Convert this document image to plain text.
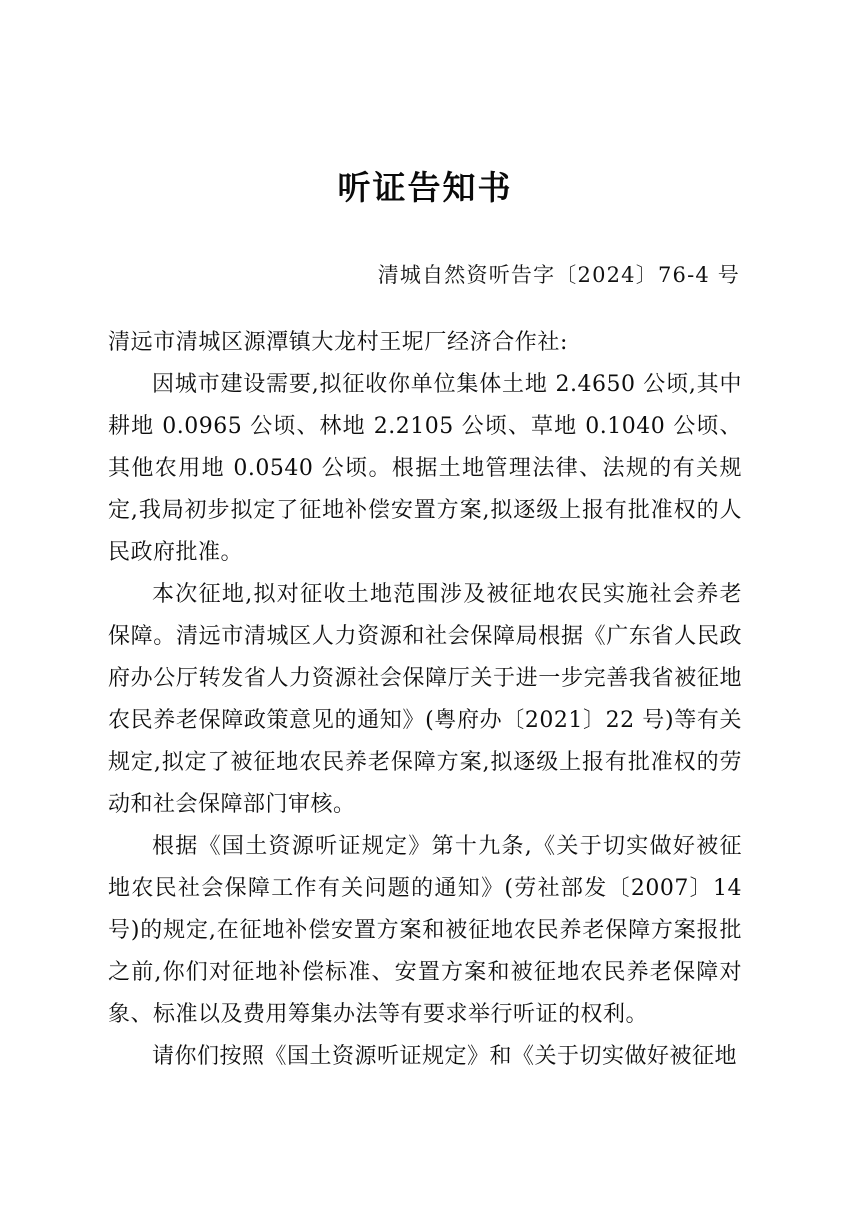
听证告知书
清城自然资听告字〔2024〕76-4 号
清远市清城区源潭镇大龙村王坭厂经济合作社:

因城市建设需要,拟征收你单位集体土地 2.4650 公顷,其中耕地 0.0965 公顷、林地 2.2105 公顷、草地 0.1040 公顷、其他农用地 0.0540 公顷。根据土地管理法律、法规的有关规定,我局初步拟定了征地补偿安置方案,拟逐级上报有批准权的人民政府批准。

本次征地,拟对征收土地范围涉及被征地农民实施社会养老保障。清远市清城区人力资源和社会保障局根据《广东省人民政府办公厅转发省人力资源社会保障厅关于进一步完善我省被征地农民养老保障政策意见的通知》(粤府办〔2021〕22 号)等有关规定,拟定了被征地农民养老保障方案,拟逐级上报有批准权的劳动和社会保障部门审核。

根据《国土资源听证规定》第十九条,《关于切实做好被征地农民社会保障工作有关问题的通知》(劳社部发〔2007〕14 号)的规定,在征地补偿安置方案和被征地农民养老保障方案报批之前,你们对征地补偿标准、安置方案和被征地农民养老保障对象、标准以及费用筹集办法等有要求举行听证的权利。

请你们按照《国土资源听证规定》和《关于切实做好被征地
